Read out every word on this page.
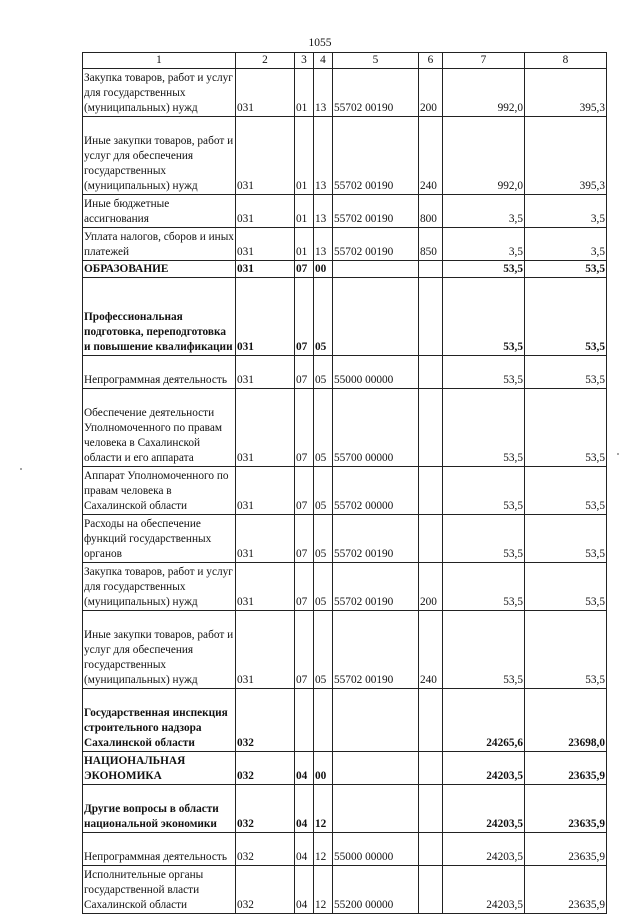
1055
1	2	3	4	5	6	7	8
Закупка товаров, работ и услуг для государственных (муниципальных) нужд	031	01	13	55702 00190	200	992,0	395,3
Иные закупки товаров, работ и услуг для обеспечения государственных (муниципальных) нужд	031	01	13	55702 00190	240	992,0	395,3
Иные бюджетные ассигнования	031	01	13	55702 00190	800	3,5	3,5
Уплата налогов, сборов и иных платежей	031	01	13	55702 00190	850	3,5	3,5
ОБРАЗОВАНИЕ	031	07	00			53,5	53,5
Профессиональная подготовка, переподготовка и повышение квалификации	031	07	05			53,5	53,5
Непрограммная деятельность	031	07	05	55000 00000		53,5	53,5
Обеспечение деятельности Уполномоченного по правам человека в Сахалинской области и его аппарата	031	07	05	55700 00000		53,5	53,5
Аппарат Уполномоченного по правам человека в Сахалинской области	031	07	05	55702 00000		53,5	53,5
Расходы на обеспечение функций государственных органов	031	07	05	55702 00190		53,5	53,5
Закупка товаров, работ и услуг для государственных (муниципальных) нужд	031	07	05	55702 00190	200	53,5	53,5
Иные закупки товаров, работ и услуг для обеспечения государственных (муниципальных) нужд	031	07	05	55702 00190	240	53,5	53,5
Государственная инспекция строительного надзора Сахалинской области	032					24265,6	23698,0
НАЦИОНАЛЬНАЯ ЭКОНОМИКА	032	04	00			24203,5	23635,9
Другие вопросы в области национальной экономики	032	04	12			24203,5	23635,9
Непрограммная деятельность	032	04	12	55000 00000		24203,5	23635,9
Исполнительные органы государственной власти Сахалинской области	032	04	12	55200 00000		24203,5	23635,9
